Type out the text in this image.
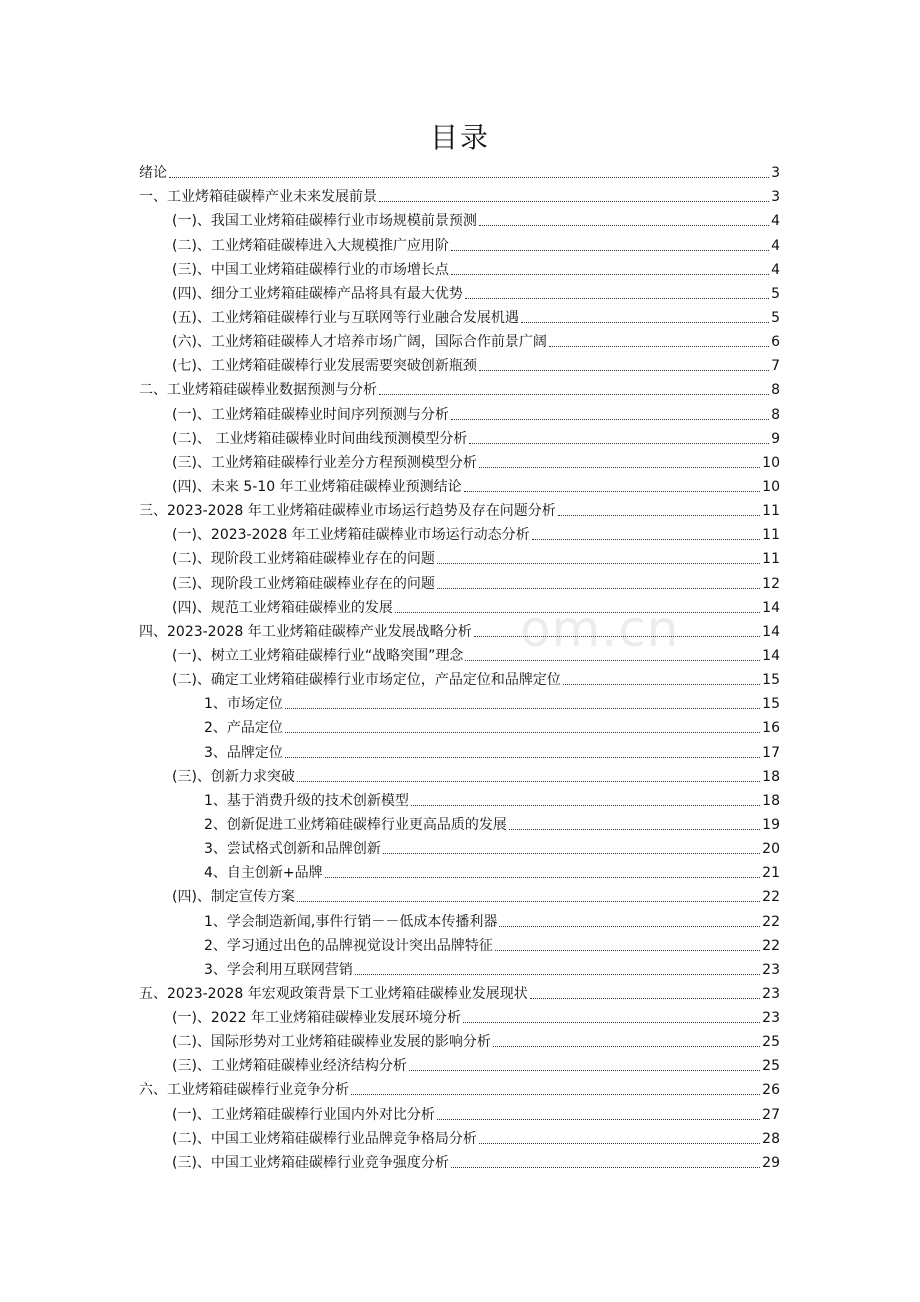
目录
om.cn
绪论	3
一、工业烤箱硅碳棒产业未来发展前景	3
(一)、我国工业烤箱硅碳棒行业市场规模前景预测	4
(二)、工业烤箱硅碳棒进入大规模推广应用阶	4
(三)、中国工业烤箱硅碳棒行业的市场增长点	4
(四)、细分工业烤箱硅碳棒产品将具有最大优势	5
(五)、工业烤箱硅碳棒行业与互联网等行业融合发展机遇	5
(六)、工业烤箱硅碳棒人才培养市场广阔，国际合作前景广阔	6
(七)、工业烤箱硅碳棒行业发展需要突破创新瓶颈	7
二、工业烤箱硅碳棒业数据预测与分析	8
(一)、工业烤箱硅碳棒业时间序列预测与分析	8
(二)、 工业烤箱硅碳棒业时间曲线预测模型分析	9
(三)、工业烤箱硅碳棒行业差分方程预测模型分析	10
(四)、未来 5-10 年工业烤箱硅碳棒业预测结论	10
三、2023-2028 年工业烤箱硅碳棒业市场运行趋势及存在问题分析	11
(一)、2023-2028 年工业烤箱硅碳棒业市场运行动态分析	11
(二)、现阶段工业烤箱硅碳棒业存在的问题	11
(三)、现阶段工业烤箱硅碳棒业存在的问题	12
(四)、规范工业烤箱硅碳棒业的发展	14
四、2023-2028 年工业烤箱硅碳棒产业发展战略分析	14
(一)、树立工业烤箱硅碳棒行业“战略突围”理念	14
(二)、确定工业烤箱硅碳棒行业市场定位，产品定位和品牌定位	15
1、市场定位	15
2、产品定位	16
3、品牌定位	17
(三)、创新力求突破	18
1、基于消费升级的技术创新模型	18
2、创新促进工业烤箱硅碳棒行业更高品质的发展	19
3、尝试格式创新和品牌创新	20
4、自主创新+品牌	21
(四)、制定宣传方案	22
1、学会制造新闻,事件行销－－低成本传播利器	22
2、学习通过出色的品牌视觉设计突出品牌特征	22
3、学会利用互联网营销	23
五、2023-2028 年宏观政策背景下工业烤箱硅碳棒业发展现状	23
(一)、2022 年工业烤箱硅碳棒业发展环境分析	23
(二)、国际形势对工业烤箱硅碳棒业发展的影响分析	25
(三)、工业烤箱硅碳棒业经济结构分析	25
六、工业烤箱硅碳棒行业竞争分析	26
(一)、工业烤箱硅碳棒行业国内外对比分析	27
(二)、中国工业烤箱硅碳棒行业品牌竞争格局分析	28
(三)、中国工业烤箱硅碳棒行业竞争强度分析	29
